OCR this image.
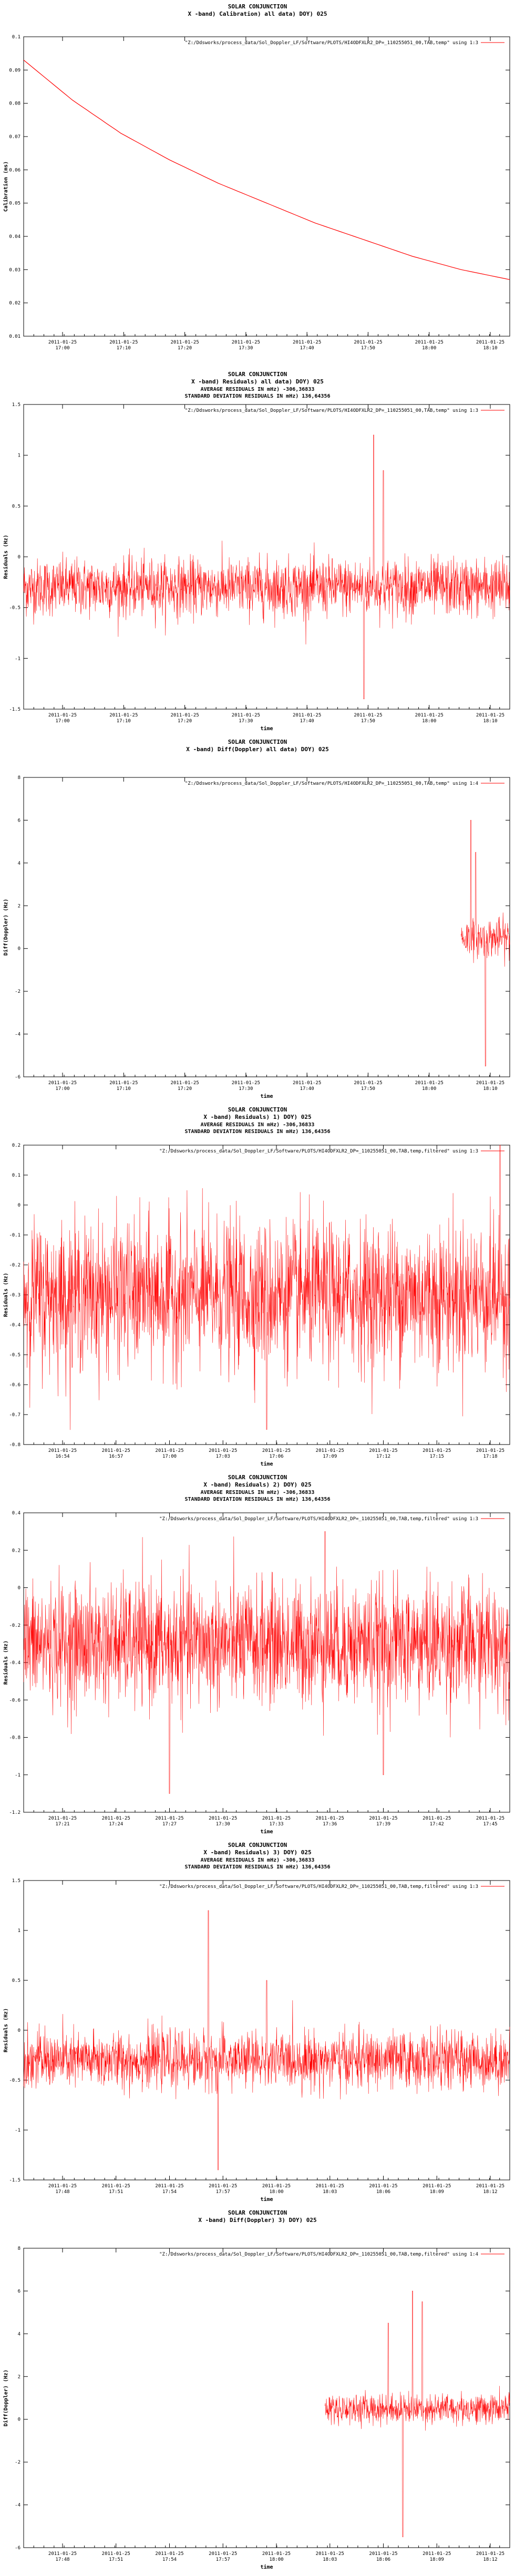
SOLAR CONJUNCTION
X -band) Calibration) all data) DOY) 025
0.1
0.09
0.08
0.07
0.06
0.05
0.04
0.03
0.02
0.01
2011-01-25
17:00
2011-01-25
17:10
2011-01-25
17:20
2011-01-25
17:30
2011-01-25
17:40
2011-01-25
17:50
2011-01-25
18:00
2011-01-25
18:10
Calibration (ms)
"Z:/Ddsworks/process_data/Sol_Doppler_LF/Software/PLOTS/HI4ODFXLR2_DP=_110255051_00,TAB,temp" using 1:3
SOLAR CONJUNCTION
X -band) Residuals) all data) DOY) 025
AVERAGE RESIDUALS IN mHz) -306,36833
STANDARD DEVIATION RESIDUALS IN mHz) 136,64356
1.5
1
0.5
0
-0.5
-1
-1.5
2011-01-25
17:00
2011-01-25
17:10
2011-01-25
17:20
2011-01-25
17:30
2011-01-25
17:40
2011-01-25
17:50
2011-01-25
18:00
2011-01-25
18:10
time
Residuals (Hz)
"Z:/Ddsworks/process_data/Sol_Doppler_LF/Software/PLOTS/HI4ODFXLR2_DP=_110255051_00,TAB,temp" using 1:3
SOLAR CONJUNCTION
X -band) Diff(Doppler) all data) DOY) 025
8
6
4
2
0
-2
-4
-6
2011-01-25
17:00
2011-01-25
17:10
2011-01-25
17:20
2011-01-25
17:30
2011-01-25
17:40
2011-01-25
17:50
2011-01-25
18:00
2011-01-25
18:10
time
Diff(Doppler) (Hz)
"Z:/Ddsworks/process_data/Sol_Doppler_LF/Software/PLOTS/HI4ODFXLR2_DP=_110255051_00,TAB,temp" using 1:4
SOLAR CONJUNCTION
X -band) Residuals) 1) DOY) 025
AVERAGE RESIDUALS IN mHz) -306,36833
STANDARD DEVIATION RESIDUALS IN mHz) 136,64356
0.2
0.1
0
-0.1
-0.2
-0.3
-0.4
-0.5
-0.6
-0.7
-0.8
2011-01-25
16:54
2011-01-25
16:57
2011-01-25
17:00
2011-01-25
17:03
2011-01-25
17:06
2011-01-25
17:09
2011-01-25
17:12
2011-01-25
17:15
2011-01-25
17:18
time
Residuals (Hz)
"Z:/Ddsworks/process_data/Sol_Doppler_LF/Software/PLOTS/HI4ODFXLR2_DP=_110255051_00,TAB,temp,filtered" using 1:3
SOLAR CONJUNCTION
X -band) Residuals) 2) DOY) 025
AVERAGE RESIDUALS IN mHz) -306,36833
STANDARD DEVIATION RESIDUALS IN mHz) 136,64356
0.4
0.2
0
-0.2
-0.4
-0.6
-0.8
-1
-1.2
2011-01-25
17:21
2011-01-25
17:24
2011-01-25
17:27
2011-01-25
17:30
2011-01-25
17:33
2011-01-25
17:36
2011-01-25
17:39
2011-01-25
17:42
2011-01-25
17:45
time
Residuals (Hz)
"Z:/Ddsworks/process_data/Sol_Doppler_LF/Software/PLOTS/HI4ODFXLR2_DP=_110255051_00,TAB,temp,filtered" using 1:3
SOLAR CONJUNCTION
X -band) Residuals) 3) DOY) 025
AVERAGE RESIDUALS IN mHz) -306,36833
STANDARD DEVIATION RESIDUALS IN mHz) 136,64356
1.5
1
0.5
0
-0.5
-1
-1.5
2011-01-25
17:48
2011-01-25
17:51
2011-01-25
17:54
2011-01-25
17:57
2011-01-25
18:00
2011-01-25
18:03
2011-01-25
18:06
2011-01-25
18:09
2011-01-25
18:12
time
Residuals (Hz)
"Z:/Ddsworks/process_data/Sol_Doppler_LF/Software/PLOTS/HI4ODFXLR2_DP=_110255051_00,TAB,temp,filtered" using 1:3
SOLAR CONJUNCTION
X -band) Diff(Doppler) 3) DOY) 025
8
6
4
2
0
-2
-4
-6
2011-01-25
17:48
2011-01-25
17:51
2011-01-25
17:54
2011-01-25
17:57
2011-01-25
18:00
2011-01-25
18:03
2011-01-25
18:06
2011-01-25
18:09
2011-01-25
18:12
time
Diff(Doppler) (Hz)
"Z:/Ddsworks/process_data/Sol_Doppler_LF/Software/PLOTS/HI4ODFXLR2_DP=_110255051_00,TAB,temp,filtered" using 1:4
